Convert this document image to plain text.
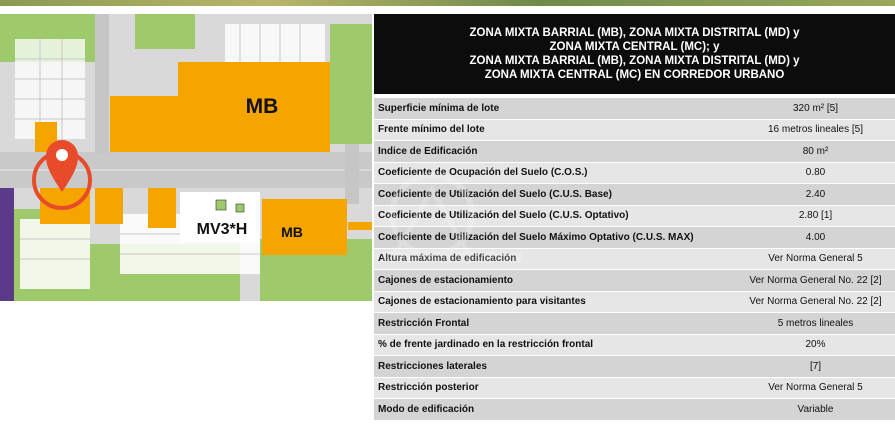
MB
MV3*H MB
ZONA MIXTA BARRIAL (MB), ZONA MIXTA DISTRITAL (MD) y
ZONA MIXTA CENTRAL (MC); y
ZONA MIXTA BARRIAL (MB), ZONA MIXTA DISTRITAL (MD) y
ZONA MIXTA CENTRAL (MC) EN CORREDOR URBANO
Superficie mínima de lote	320 m² [5]
Frente mínimo del lote	16 metros lineales [5]
Índice de Edificación	80 m²
Coeficiente de Ocupación del Suelo (C.O.S.)	0.80
Coeficiente de Utilización del Suelo (C.U.S. Base)	2.40
Coeficiente de Utilización del Suelo (C.U.S. Optativo)	2.80 [1]
Coeficiente de Utilización del Suelo Máximo Optativo (C.U.S. MAX)	4.00
Altura máxima de edificación	Ver Norma General 5
Cajones de estacionamiento	Ver Norma General No. 22 [2]
Cajones de estacionamiento para visitantes	Ver Norma General No. 22 [2]
Restricción Frontal	5 metros lineales
% de frente jardinado en la restricción frontal	20%
Restricciones laterales	[7]
Restricción posterior	Ver Norma General 5
Modo de edificación	Variable
